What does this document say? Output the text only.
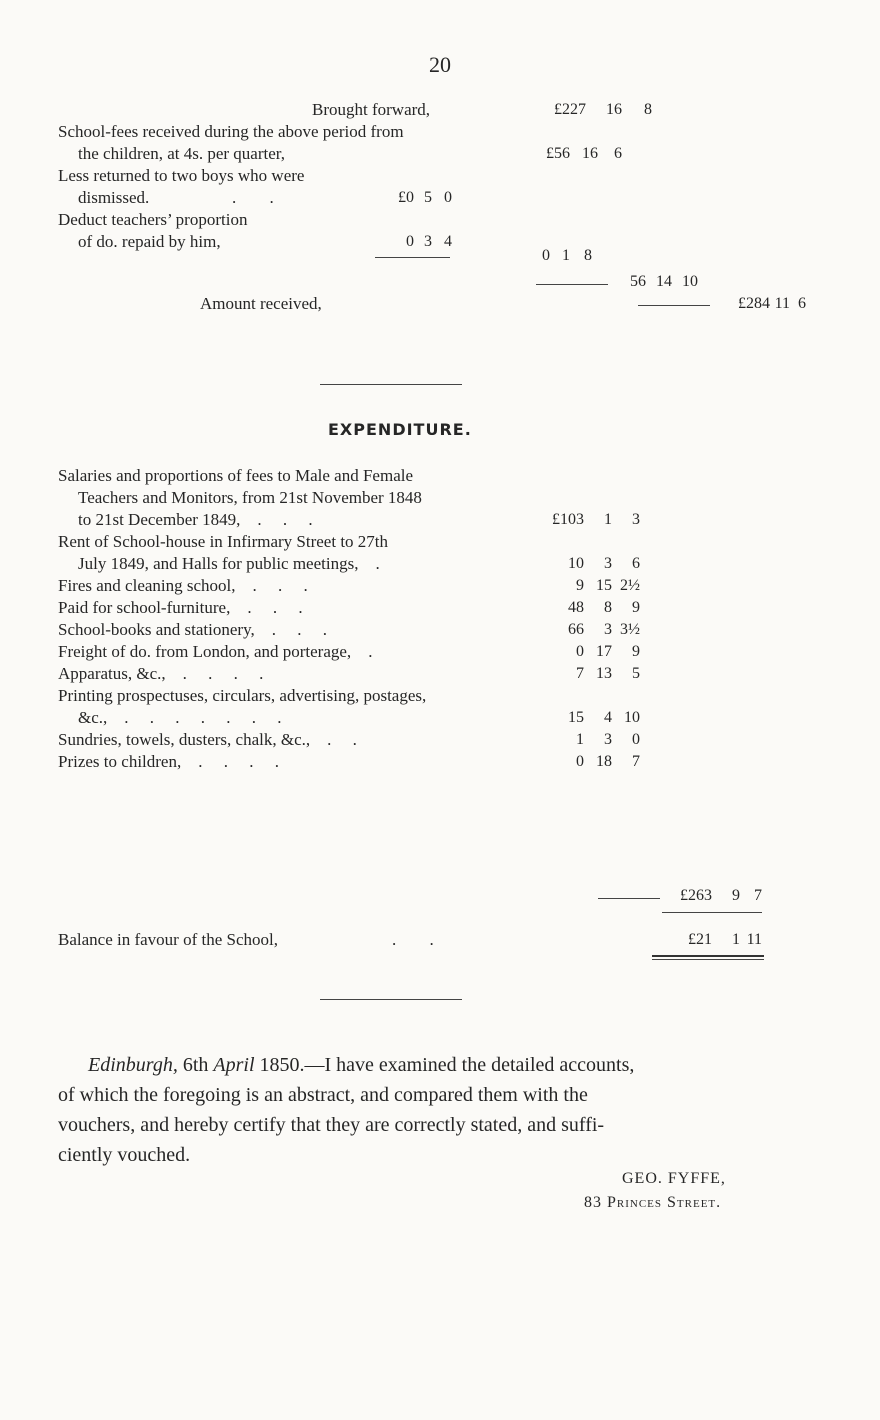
20
Brought forward,	£227	16	8
School-fees received during the above period from
the children, at 4s. per quarter,	£56 16	6
Less returned to two boys who were
dismissed.	.     .	£0 5 0
Deduct teachers’ proportion
of do. repaid by him,	0 3 4
0 1 8
56 14 10
Amount received,	£284 11 6
EXPENDITURE.
Salaries and proportions of fees to Male and Female
Teachers and Monitors, from 21st November 1848
to 21st December 1849,    .     .     .	£103	1	3
Rent of School-house in Infirmary Street to 27th
July 1849, and Halls for public meetings,    .	10	3	6
Fires and cleaning school,    .     .     .	9 15 2½
Paid for school-furniture,    .     .     .	48	8	9
School-books and stationery,    .     .     .	66	3 3½
Freight of do. from London, and porterage,    .	0 17	9
Apparatus, &c.,    .     .     .     .	7 13	5
Printing prospectuses, circulars, advertising, postages,
&c.,    .     .     .     .     .     .     .	15	4 10
Sundries, towels, dusters, chalk, &c.,    .     .	1	3	0
Prizes to children,    .     .     .     .	0 18	7
£263	9 7
Balance in favour of the School,	.     .	£21	1 11
Edinburgh, 6th April 1850.—I have examined the detailed accounts,
of which the foregoing is an abstract, and compared them with the
vouchers, and hereby certify that they are correctly stated, and suffi-
ciently vouched.
GEO. FYFFE,
83 Princes Street.
